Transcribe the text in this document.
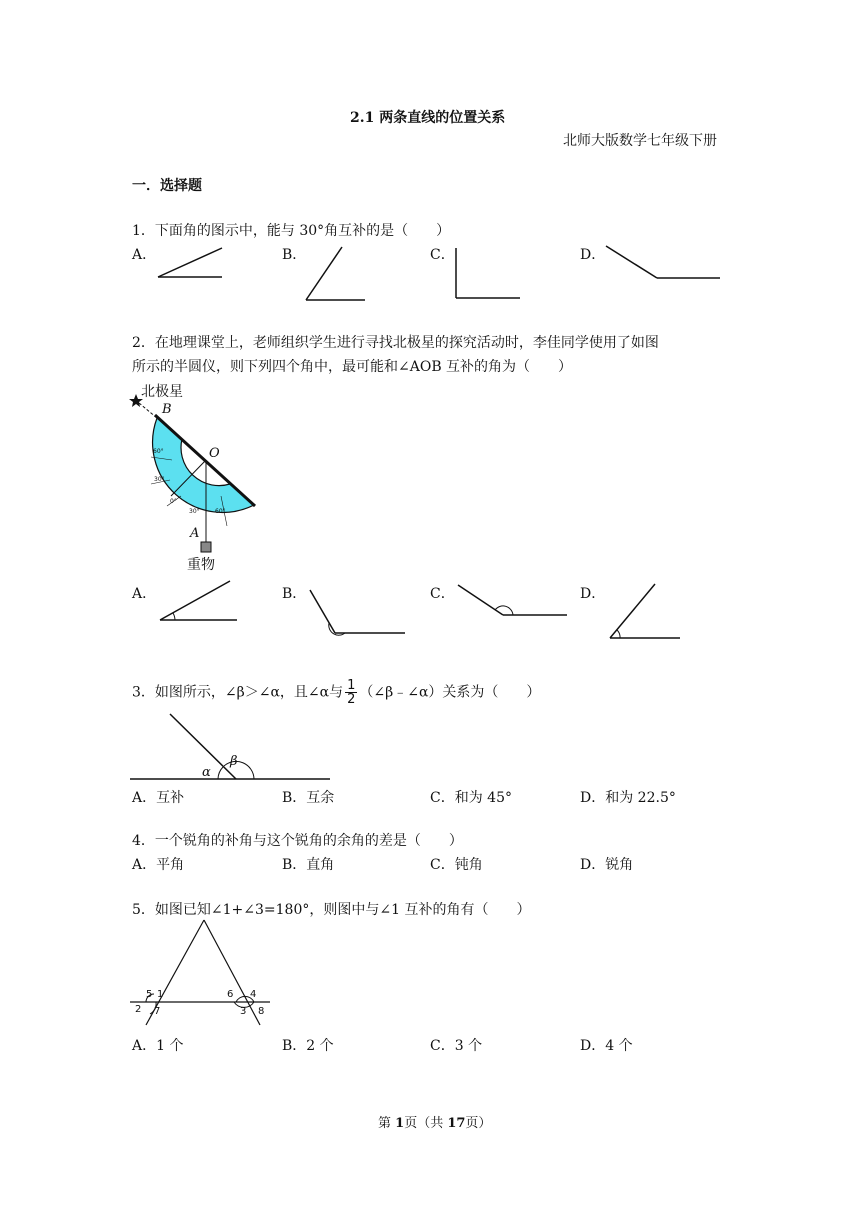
2.1 两条直线的位置关系
北师大版数学七年级下册
一．选择题
1．下面角的图示中，能与 30°角互补的是（　　）
A．	B．	C．	D．
2．在地理课堂上，老师组织学生进行寻找北极星的探究活动时，李佳同学使用了如图
所示的半圆仪，则下列四个角中，最可能和∠AOB 互补的角为（　　）
北极星
B
O
A
60°
30°
0°
30°	60°
重物
A．	B．	C．	D．
3．如图所示，∠β＞∠α，且∠α与 $\frac{1}{2}$ （∠β﹣∠α）关系为（　　）
α
β
A．互补	B．互余	C．和为 45°	D．和为 22.5°
4．一个锐角的补角与这个锐角的余角的差是（　　）
A．平角	B．直角	C．钝角	D．锐角
5．如图已知∠1+∠3=180°，则图中与∠1 互补的角有（　　）
5 1
2 7
6 4
3 8
A．1 个	B．2 个	C．3 个	D．4 个
第 1页（共 17页）
